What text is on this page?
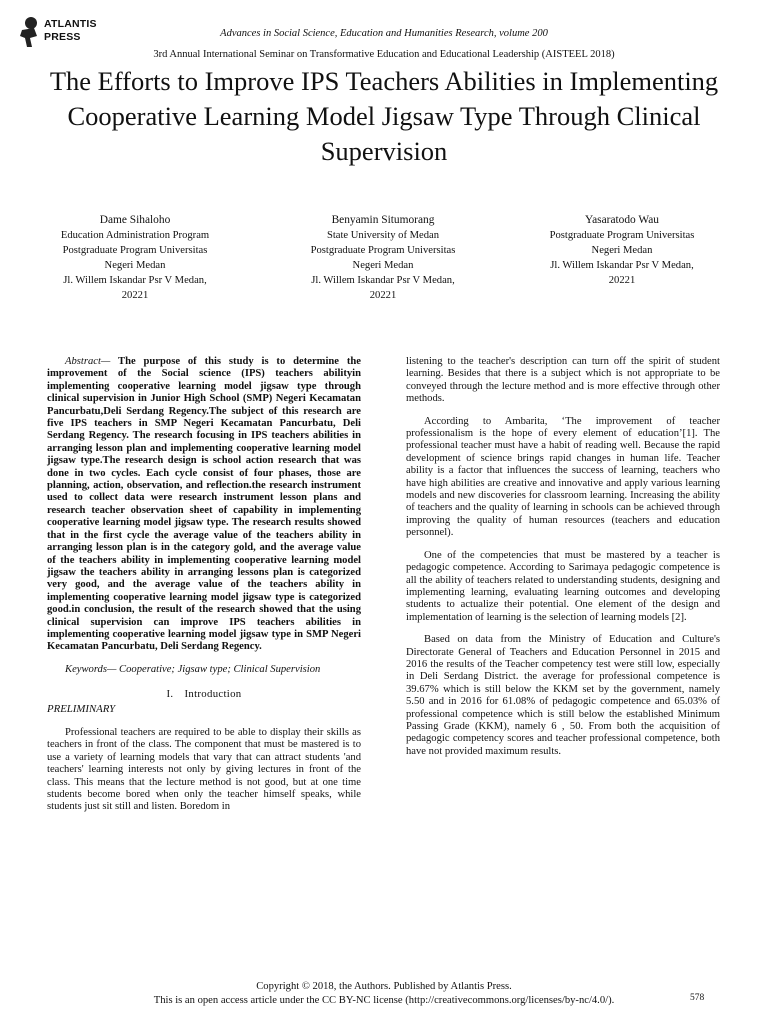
ATLANTIS
PRESS	Advances in Social Science, Education and Humanities Research, volume 200
3rd Annual International Seminar on Transformative Education and Educational Leadership (AISTEEL 2018)
The Efforts to Improve IPS Teachers Abilities in Implementing Cooperative Learning Model Jigsaw Type Through Clinical Supervision
Dame Sihaloho
Education Administration Program
Postgraduate Program Universitas
Negeri Medan
Jl. Willem Iskandar Psr V Medan,
20221
Benyamin Situmorang
State University of Medan
Postgraduate Program Universitas
Negeri Medan
Jl. Willem Iskandar Psr V Medan,
20221
Yasaratodo Wau
Postgraduate Program Universitas
Negeri Medan
Jl. Willem Iskandar Psr V Medan,
20221

Abstract— The purpose of this study is to determine the improvement of the Social science (IPS) teachers abilityin implementing cooperative learning model jigsaw type through clinical supervision in Junior High School (SMP) Negeri Kecamatan Pancurbatu,Deli Serdang Regency.The subject of this research are five IPS teachers in SMP Negeri Kecamatan Pancurbatu, Deli Serdang Regency. The research focusing in IPS teachers abilities in arranging lesson plan and implementing cooperative learning model jigsaw type.The research design is school action research that was done in two cycles. Each cycle consist of four phases, those are planning, action, observation, and reflection.the research instrument used to collect data were research instrument lesson plans and research teacher observation sheet of capability in implementing cooperative learning model jigsaw type. The research results showed that in the first cycle the average value of the teachers ability in arranging lesson plan is in the category gold, and the average value of the teachers ability in implementing cooperative learning model jigsaw the teachers ability in arranging lessons plan is categorized very good, and the average value of the teachers ability in implementing cooperative learning model jigsaw type is categorized good.in conclusion, the result of the research showed that the using clinical supervision can improve IPS teachers abilities in implementing cooperative learning model jigsaw type in SMP Negeri Kecamatan Pancurbatu, Deli Serdang Regency.

Keywords— Cooperative; Jigsaw type; Clinical Supervision

I. Introduction

PRELIMINARY

Professional teachers are required to be able to display their skills as teachers in front of the class. The component that must be mastered is to use a variety of learning models that vary that can attract students 'and teachers' learning interests not only by giving lectures in front of the class. This means that the lecture method is not good, but at one time students become bored when only the teacher himself speaks, while students just sit still and listen. Boredom in

listening to the teacher's description can turn off the spirit of student learning. Besides that there is a subject which is not appropriate to be conveyed through the lecture method and is more effective through other methods.

According to Ambarita, ‘The improvement of teacher professionalism is the hope of every element of education’[1]. The professional teacher must have a habit of reading well. Because the rapid development of science brings rapid changes in human life. Teacher ability is a factor that influences the success of learning, teachers who have high abilities are creative and innovative and apply various learning models and new discoveries for classroom learning. Increasing the ability of teachers and the quality of learning in schools can be achieved through improving the quality of human resources (teachers and education personnel).

One of the competencies that must be mastered by a teacher is pedagogic competence. According to Sarimaya pedagogic competence is all the ability of teachers related to understanding students, designing and implementing learning, evaluating learning outcomes and developing students to actualize their potential. One element of the design and implementation of learning is the selection of learning models [2].

Based on data from the Ministry of Education and Culture's Directorate General of Teachers and Education Personnel in 2015 and 2016 the results of the Teacher competency test were still low, especially in Deli Serdang District. the average for professional competence is 39.67% which is still below the KKM set by the government, namely 5.50 and in 2016 for 61.08% of pedagogic competence and 65.03% of professional competence which is still below the established Minimum Passing Grade (KKM), namely 6 , 50. From both the acquisition of pedagogic competency scores and teacher professional competence, both have not provided maximum results.

Copyright © 2018, the Authors. Published by Atlantis Press.
This is an open access article under the CC BY-NC license (http://creativecommons.org/licenses/by-nc/4.0/).	578
